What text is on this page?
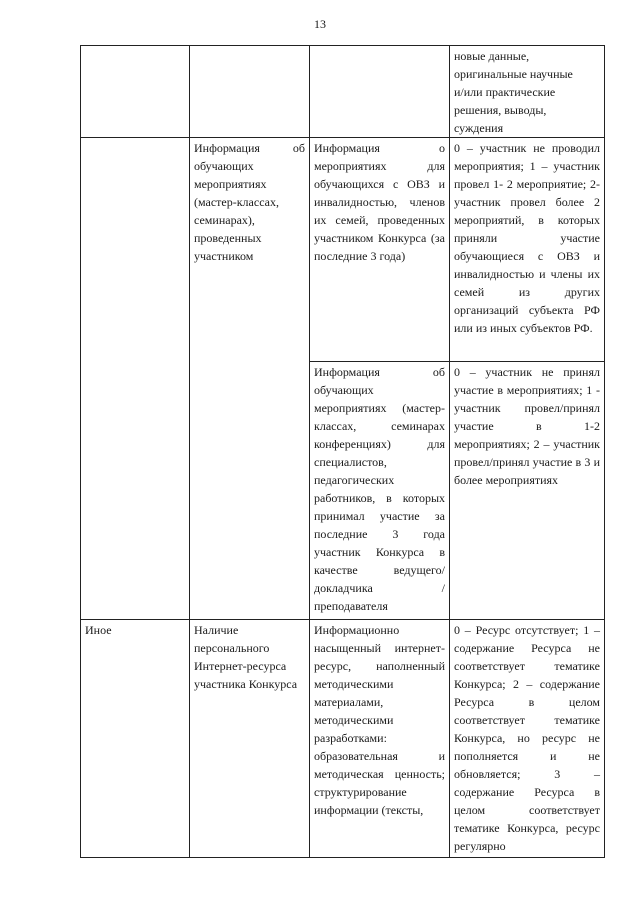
13

			новые данные,
оригинальные научные
и/или практические
решения, выводы,
суждения

	Информация об обучающих мероприятиях (мастер-классах, семинарах), проведенных участником	Информация о мероприятиях для обучающихся с ОВЗ и инвалидностью, членов их семей, проведенных участником Конкурса (за последние 3 года)	0 – участник не проводил мероприятия; 1 – участник провел 1- 2 мероприятие; 2- участник провел более 2 мероприятий, в которых приняли участие обучающиеся с ОВЗ и инвалидностью и члены их семей из других организаций субъекта РФ или из иных субъектов РФ.
		Информация об обучающих мероприятиях (мастер-классах, семинарах конференциях) для специалистов, педагогических работников, в которых принимал участие за последние 3 года участник Конкурса в качестве ведущего/докладчика /преподавателя	0 – участник не принял участие в мероприятиях; 1 - участник провел/принял участие в 1-2 мероприятиях; 2 – участник провел/принял участие в 3 и более мероприятиях
Иное	Наличие персонального Интернет-ресурса участника Конкурса	Информационно насыщенный интернет-ресурс, наполненный методическими материалами, методическими разработками: образовательная и методическая ценность; структурирование информации (тексты,	0 – Ресурс отсутствует; 1 – содержание Ресурса не соответствует тематике Конкурса; 2 – содержание Ресурса в целом соответствует тематике Конкурса, но ресурс не пополняется и не обновляется; 3 – содержание Ресурса в целом соответствует тематике Конкурса, ресурс регулярно
